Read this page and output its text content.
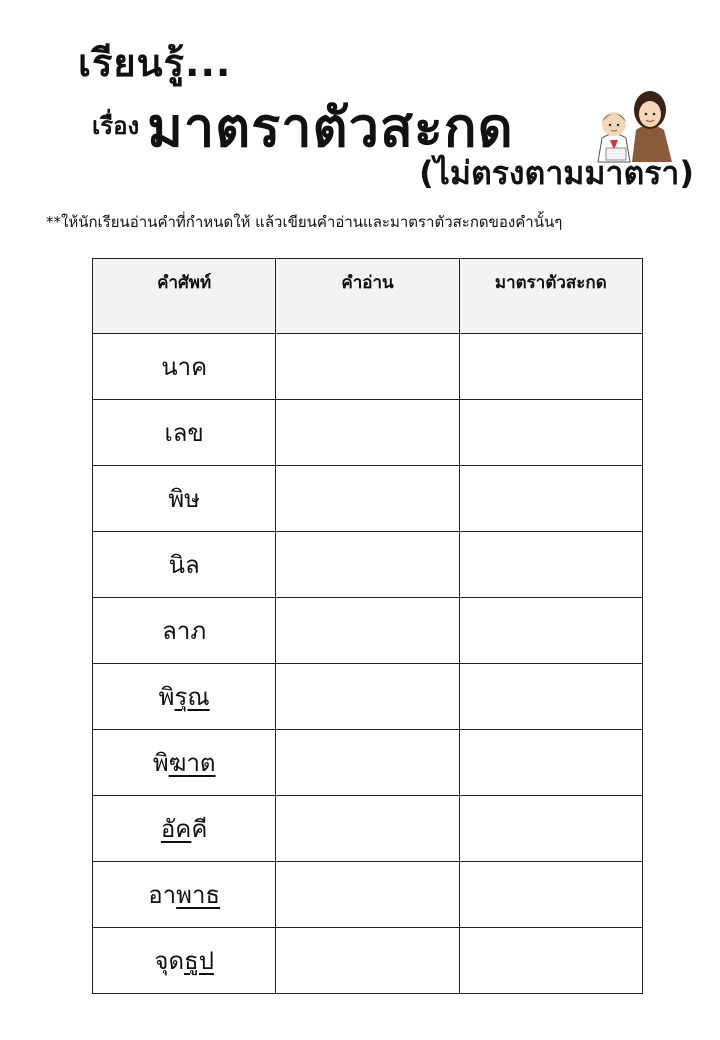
เรียนรู้...
เรื่อง มาตราตัวสะกด
(ไม่ตรงตามมาตรา)
**ให้นักเรียนอ่านคำที่กำหนดให้ แล้วเขียนคำอ่านและมาตราตัวสะกดของคำนั้นๆ
คำศัพท์	คำอ่าน	มาตราตัวสะกด
นาค		
เลข		
พิษ		
นิล		
ลาภ		
พิรุณ		
พิฆาต		
อัคคี		
อาพาธ		
จุดธูป		
